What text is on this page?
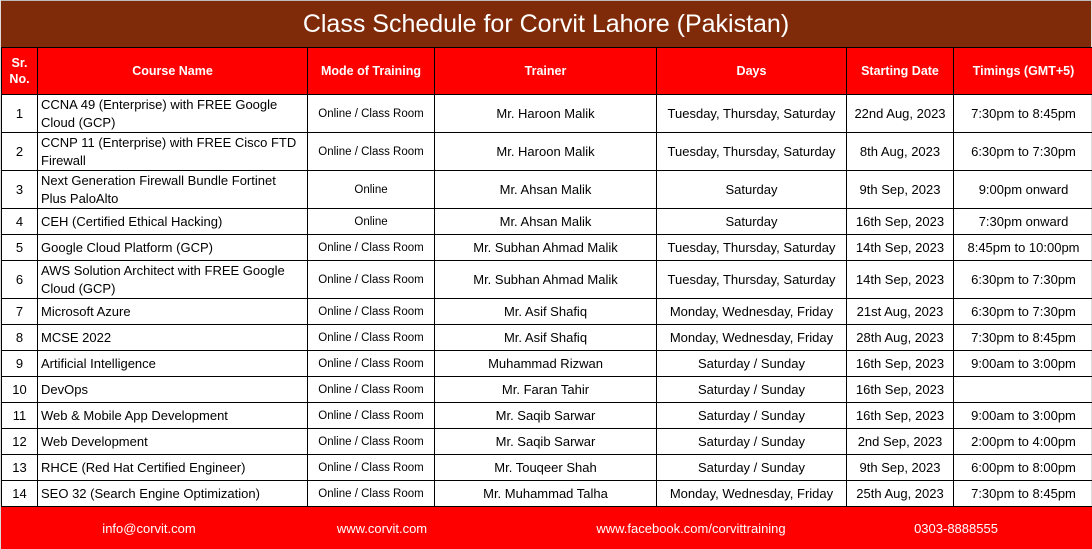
Class Schedule for Corvit Lahore (Pakistan)
Sr. No.	Course Name	Mode of Training	Trainer	Days	Starting Date	Timings (GMT+5)
1	CCNA 49 (Enterprise) with FREE Google Cloud (GCP)	Online / Class Room	Mr. Haroon Malik	Tuesday, Thursday, Saturday	22nd Aug, 2023	7:30pm to 8:45pm
2	CCNP 11 (Enterprise) with FREE Cisco FTD Firewall	Online / Class Room	Mr. Haroon Malik	Tuesday, Thursday, Saturday	8th Aug, 2023	6:30pm to 7:30pm
3	Next Generation Firewall Bundle Fortinet Plus PaloAlto	Online	Mr. Ahsan Malik	Saturday	9th Sep, 2023	9:00pm onward
4	CEH (Certified Ethical Hacking)	Online	Mr. Ahsan Malik	Saturday	16th Sep, 2023	7:30pm onward
5	Google Cloud Platform (GCP)	Online / Class Room	Mr. Subhan Ahmad Malik	Tuesday, Thursday, Saturday	14th Sep, 2023	8:45pm to 10:00pm
6	AWS Solution Architect with FREE Google Cloud (GCP)	Online / Class Room	Mr. Subhan Ahmad Malik	Tuesday, Thursday, Saturday	14th Sep, 2023	6:30pm to 7:30pm
7	Microsoft Azure	Online / Class Room	Mr. Asif Shafiq	Monday, Wednesday, Friday	21st Aug, 2023	6:30pm to 7:30pm
8	MCSE 2022	Online / Class Room	Mr. Asif Shafiq	Monday, Wednesday, Friday	28th Aug, 2023	7:30pm to 8:45pm
9	Artificial Intelligence	Online / Class Room	Muhammad Rizwan	Saturday / Sunday	16th Sep, 2023	9:00am to 3:00pm
10	DevOps	Online / Class Room	Mr. Faran Tahir	Saturday / Sunday	16th Sep, 2023	
11	Web & Mobile App Development	Online / Class Room	Mr. Saqib Sarwar	Saturday / Sunday	16th Sep, 2023	9:00am to 3:00pm
12	Web Development	Online / Class Room	Mr. Saqib Sarwar	Saturday / Sunday	2nd Sep, 2023	2:00pm to 4:00pm
13	RHCE (Red Hat Certified Engineer)	Online / Class Room	Mr. Touqeer Shah	Saturday / Sunday	9th Sep, 2023	6:00pm to 8:00pm
14	SEO 32 (Search Engine Optimization)	Online / Class Room	Mr. Muhammad Talha	Monday, Wednesday, Friday	25th Aug, 2023	7:30pm to 8:45pm
info@corvit.com	www.corvit.com	www.facebook.com/corvittraining	0303-8888555
